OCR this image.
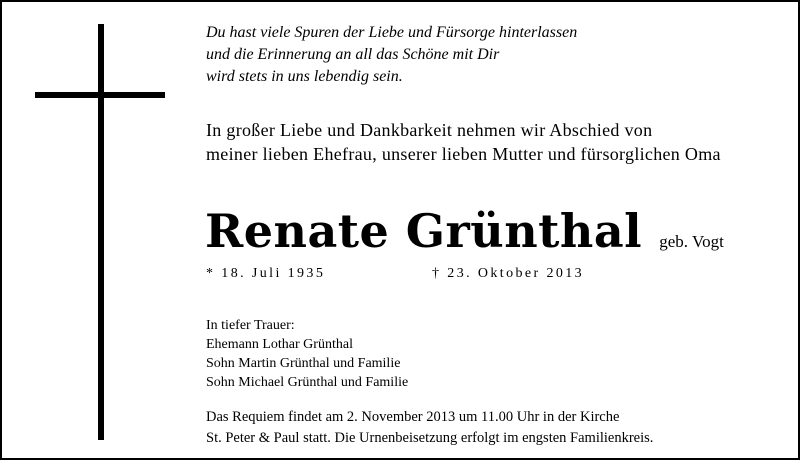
Du hast viele Spuren der Liebe und Fürsorge hinterlassen
und die Erinnerung an all das Schöne mit Dir
wird stets in uns lebendig sein.
In großer Liebe und Dankbarkeit nehmen wir Abschied von
meiner lieben Ehefrau, unserer lieben Mutter und fürsorglichen Oma
Renate Grünthal geb. Vogt
* 18. Juli 1935	† 23. Oktober 2013
In tiefer Trauer:
Ehemann Lothar Grünthal
Sohn Martin Grünthal und Familie
Sohn Michael Grünthal und Familie
Das Requiem findet am 2. November 2013 um 11.00 Uhr in der Kirche
St. Peter & Paul statt. Die Urnenbeisetzung erfolgt im engsten Familienkreis.
